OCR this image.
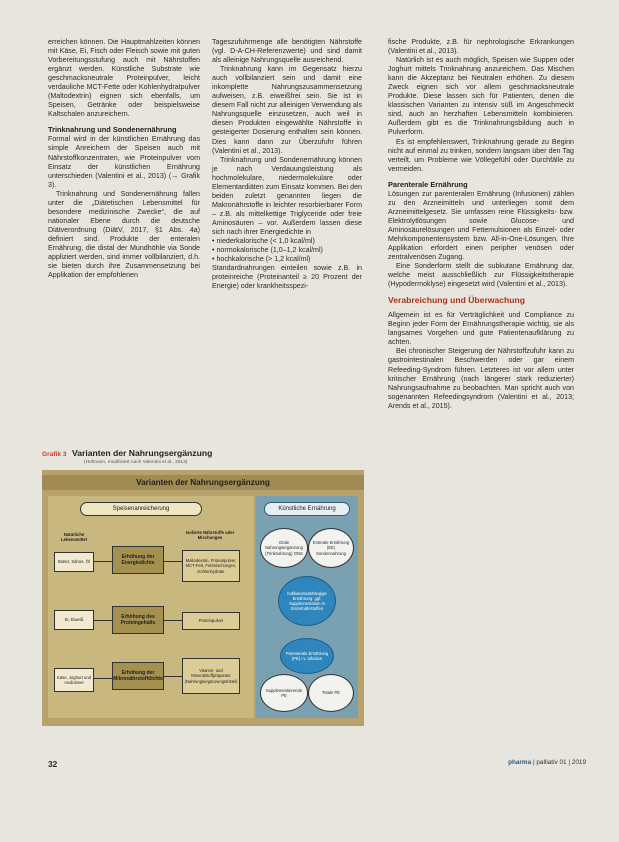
erreichen können. Die Hauptmahlzeiten können mit Käse, Ei, Fisch oder Fleisch sowie mit guten Vorbereitungsstufung auch mit Nährstoffen ergänzt werden. Künstliche Substrate wie geschmacksneutrale Proteinpulver, leicht verdauliche MCT-Fette oder Kohlenhydratpulver (Maltodextrin) eignen sich ebenfalls, um Speisen, Getränke oder beispielsweise Kaltschalen anzureichern.

Trinknahrung und Sondenernährung

Formal wird in der künstlichen Ernährung das simple Anreichern der Speisen auch mit Nährstoffkonzentraten, wie Proteinpulver vom Einsatz der künstlichen Ernährung unterschieden (Valentini et al., 2013) (→ Grafik 3).

Trinknahrung und Sondenernährung fallen unter die „Diätetischen Lebensmittel für besondere medizinische Zwecke“, die auf nationaler Ebene durch die deutsche Diätverordnung (DiätV, 2017, §1 Abs. 4a) definiert sind. Produkte der enteralen Ernährung, die distal der Mundhöhle via Sonde appliziert werden, sind immer vollbilanziert, d.h. sie bieten durch ihre Zusammensetzung bei Applikation der empfohlenen

Tageszufuhrmenge alle benötigten Nährstoffe (vgl. D-A-CH-Referenzwerte) und sind damit als alleinige Nahrungsquelle ausreichend.

Trinknahrung kann im Gegensatz hierzu auch vollbilanziert sein und damit eine inkomplette Nahrungszusammensetzung aufweisen, z.B. eiweißfrei sein. Sie ist in diesem Fall nicht zur alleinigen Verwendung als Nahrungsquelle einzusetzen, auch weil in diesen Produkten eingewählte Nährstoffe in gesteigerter Dosierung enthalten sein können. Dies kann dann zur Überzufuhr führen (Valentini et al., 2013).

Trinknahrung und Sondenernährung können je nach Verdauungsleistung als hochmolekulare, niedermolekulare oder Elementardiäten zum Einsatz kommen. Bei den beiden zuletzt genannten liegen die Makronährstoffe in leichter resorbierbarer Form – z.B. als mittelkettige Triglyceride oder freie Aminosäuren – vor. Außerdem lassen diese sich nach ihrer Energiedichte in

• niederkalorische (< 1,0 kcal/ml)

• normokalorische (1,0–1,2 kcal/ml)

• hochkalorische (> 1,2 kcal/ml)

Standardnahrungen einteilen sowie z.B. in proteinreiche (Proteinanteil ≥ 20 Prozent der Energie) oder krankheitsspezi-

fische Produkte, z.B. für nephrologische Erkrankungen (Valentini et al., 2013).

Natürlich ist es auch möglich, Speisen wie Suppen oder Joghurt mittels Trinknahrung anzureichern. Das Mischen kann die Akzeptanz bei Neutralen erhöhen. Zu diesem Zweck eignen sich vor allem geschmacksneutrale Produkte. Diese lassen sich für Patienten, denen die klassischen Varianten zu intensiv süß im Angeschmeckt sind, auch an herzhaften Lebensmitteln kombinieren. Außerdem gibt es die Trinknahrungsbildung auch in Pulverform.

Es ist empfehlenswert, Trinknahrung gerade zu Beginn nicht auf einmal zu trinken, sondern langsam über den Tag verteilt, um Probleme wie Völlegefühl oder Durchfälle zu vermeiden.

Parenterale Ernährung

Lösungen zur parenteralen Ernährung (Infusionen) zählen zu den Arzneimitteln und unterliegen somit dem Arzneimittelgesetz. Sie umfassen reine Flüssigkeits- bzw. Elektrolytlösungen sowie Glucose- und Aminosäurelösungen und Fettemulsionen als Einzel- oder Mehrkomponentensystem bzw. All-in-One-Lösungen. Ihre Applikation erfordert einen peripher venösen oder zentralvenösen Zugang.

Eine Sonderform stellt die subkutane Ernährung dar, welche meist ausschließlich zur Flüssigkeitstherapie (Hypodermoklyse) eingesetzt wird (Valentini et al., 2013).

Verabreichung und Überwachung

Allgemein ist es für Verträglichkeit und Compliance zu Beginn jeder Form der Ernährungstherapie wichtig, sie als langsames Vorgehen und gute Patientenaufklärung zu achten.

Bei chronischer Steigerung der Nährstoffzufuhr kann zu gastrointestinalen Beschwerden oder gar einem Refeeding-Syndrom führen. Letzteres ist vor allem unter kritischer Ernährung (nach längerer stark reduzierter) Nahrungsaufnahme zu beobachten. Man spricht auch von sogenannten Refeedingsyndrom (Valentini et al., 2013; Arends et al., 2015).

Grafik 3 Varianten der Nahrungsergänzung
(Hofmann, modifiziert nach Valentini et al., 2013)
Varianten der Nahrungsergänzung
Speisenanreicherung
Natürliche Lebensmittel
Butter, Sahne, Öl
Ei, Eiweiß
Käse, Joghurt und Andickmer
Erhöhung der Energiedichte
Erhöhung des Proteingehalts
Erhöhung der Mikronährstoffdichte
Isolierte Nährstoffe oder Mischungen
Maltodextrin, Proteinpulver, MCT-Fett, Fettmischungen, Kohlenhydrate
Proteinpulver
Vitamin- und Mineralstoffpräparate (Nahrungsergänzungsmittel)
Künstliche Ernährung
Orale Nahrungsergänzung (Trinknahrung) ONS
Enterale Ernährung (EE) Sondennahrung
Indikationsabhängige Ernährung: ggf. Supplementation in Einzelnährstoffen
Parenterale Ernährung (PE) i.v. Infusion
Supplementierende PE
Totale PE
32	pharma | palliativ 01 | 2019
